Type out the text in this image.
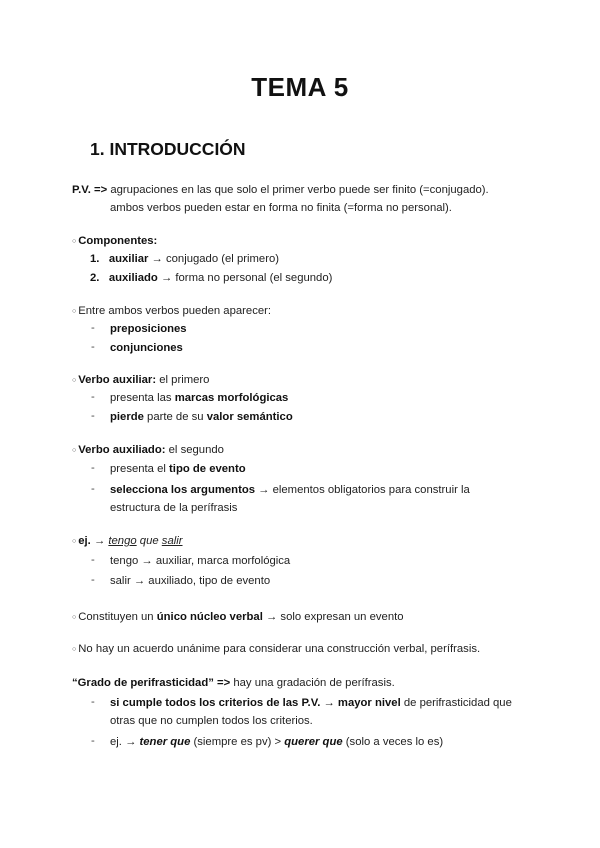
TEMA 5
1. INTRODUCCIÓN
P.V. => agrupaciones en las que solo el primer verbo puede ser finito (=conjugado).
ambos verbos pueden estar en forma no finita (=forma no personal).
○ Componentes:
1. auxiliar → conjugado (el primero)
2. auxiliado → forma no personal (el segundo)
○ Entre ambos verbos pueden aparecer:
- preposiciones
- conjunciones
○ Verbo auxiliar: el primero
- presenta las marcas morfológicas
- pierde parte de su valor semántico
○ Verbo auxiliado: el segundo
- presenta el tipo de evento
- selecciona los argumentos → elementos obligatorios para construir la
estructura de la perífrasis
○ ej. → tengo que salir
- tengo → auxiliar, marca morfológica
- salir → auxiliado, tipo de evento
○ Constituyen un único núcleo verbal → solo expresan un evento
○ No hay un acuerdo unánime para considerar una construcción verbal, perífrasis.
“Grado de perifrasticidad” => hay una gradación de perífrasis.
- si cumple todos los criterios de las P.V. → mayor nivel de perifrasticidad que
otras que no cumplen todos los criterios.
- ej. → tener que (siempre es pv) > querer que (solo a veces lo es)
